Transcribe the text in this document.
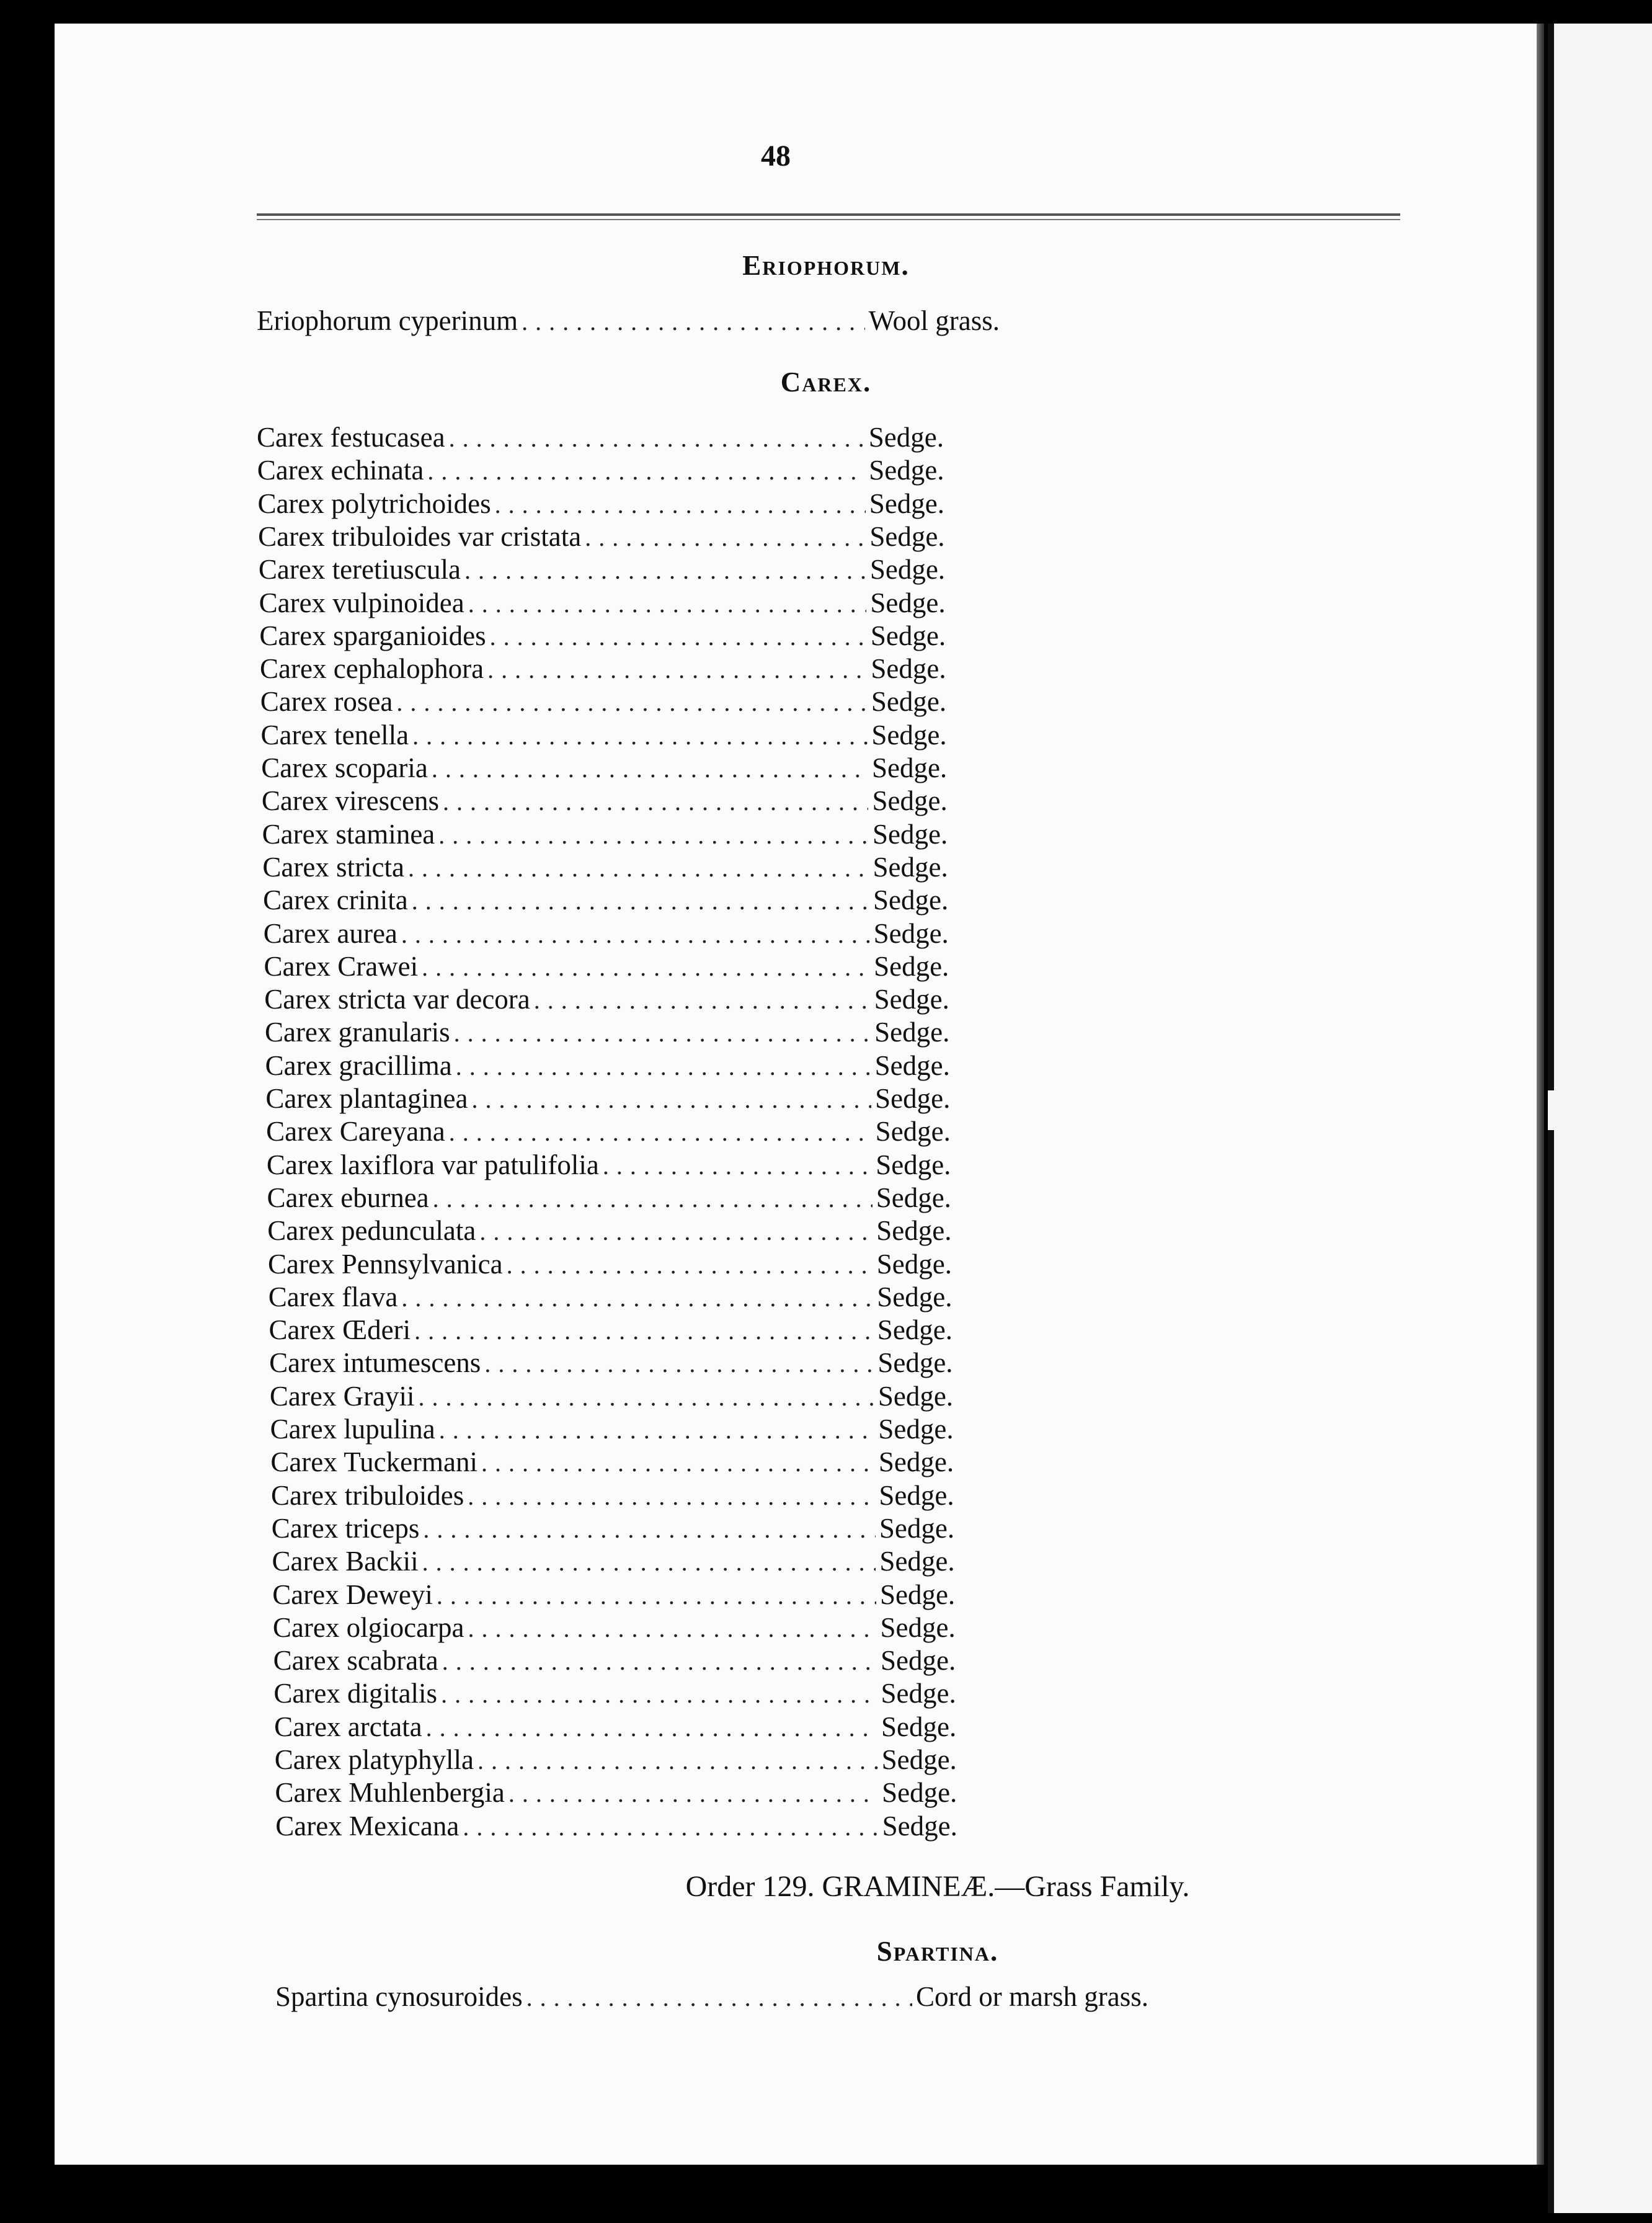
48
Eriophorum.
Eriophorum cyperinum .....	Wool grass.
Carex.
Carex festucasea .....	Sedge.
Carex echinata .....	Sedge.
Carex polytrichoides .....	Sedge.
Carex tribuloides var cristata .....	Sedge.
Carex teretiuscula .....	Sedge.
Carex vulpinoidea .....	Sedge.
Carex sparganioides .....	Sedge.
Carex cephalophora .....	Sedge.
Carex rosea .....	Sedge.
Carex tenella .....	Sedge.
Carex scoparia .....	Sedge.
Carex virescens .....	Sedge.
Carex staminea .....	Sedge.
Carex stricta .....	Sedge.
Carex crinita .....	Sedge.
Carex aurea .....	Sedge.
Carex Crawei .....	Sedge.
Carex stricta var decora .....	Sedge.
Carex granularis .....	Sedge.
Carex gracillima .....	Sedge.
Carex plantaginea .....	Sedge.
Carex Careyana .....	Sedge.
Carex laxiflora var patulifolia .....	Sedge.
Carex eburnea .....	Sedge.
Carex pedunculata .....	Sedge.
Carex Pennsylvanica .....	Sedge.
Carex flava .....	Sedge.
Carex Œderi .....	Sedge.
Carex intumescens .....	Sedge.
Carex Grayii .....	Sedge.
Carex lupulina .....	Sedge.
Carex Tuckermani .....	Sedge.
Carex tribuloides .....	Sedge.
Carex triceps .....	Sedge.
Carex Backii .....	Sedge.
Carex Deweyi .....	Sedge.
Carex olgiocarpa .....	Sedge.
Carex scabrata .....	Sedge.
Carex digitalis .....	Sedge.
Carex arctata .....	Sedge.
Carex platyphylla .....	Sedge.
Carex Muhlenbergia .....	Sedge.
Carex Mexicana .....	Sedge.
Order 129. GRAMINEÆ.—Grass Family.
Spartina.
Spartina cynosuroides .....	Cord or marsh grass.
